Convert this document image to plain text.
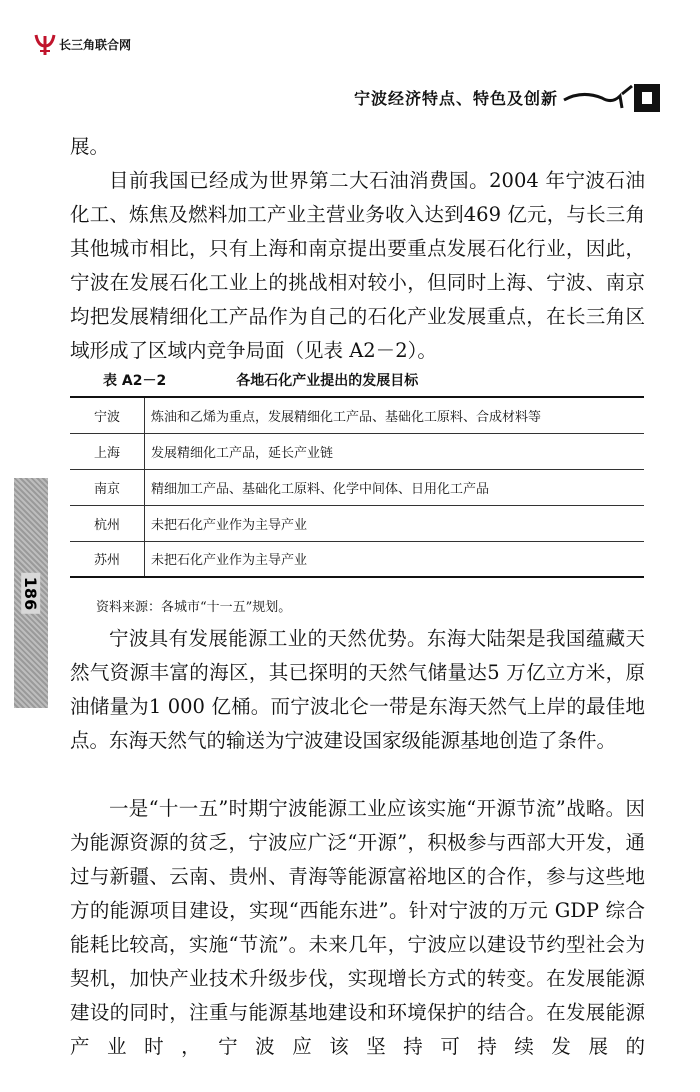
长三角联合网
宁波经济特点、特色及创新
展。
目前我国已经成为世界第二大石油消费国。2004 年宁波石油化工、炼焦及燃料加工产业主营业务收入达到469 亿元，与长三角其他城市相比，只有上海和南京提出要重点发展石化行业，因此，宁波在发展石化工业上的挑战相对较小，但同时上海、宁波、南京均把发展精细化工产品作为自己的石化产业发展重点，在长三角区域形成了区域内竞争局面（见表 A2－2）。
表 A2－2	各地石化产业提出的发展目标
宁波	炼油和乙烯为重点，发展精细化工产品、基础化工原料、合成材料等
上海	发展精细化工产品，延长产业链
南京	精细加工产品、基础化工原料、化学中间体、日用化工产品
杭州	未把石化产业作为主导产业
苏州	未把石化产业作为主导产业
资料来源：各城市“十一五”规划。
宁波具有发展能源工业的天然优势。东海大陆架是我国蕴藏天然气资源丰富的海区，其已探明的天然气储量达5 万亿立方米，原油储量为1 000 亿桶。而宁波北仑一带是东海天然气上岸的最佳地点。东海天然气的输送为宁波建设国家级能源基地创造了条件。
一是“十一五”时期宁波能源工业应该实施“开源节流”战略。因为能源资源的贫乏，宁波应广泛“开源”，积极参与西部大开发，通过与新疆、云南、贵州、青海等能源富裕地区的合作，参与这些地方的能源项目建设，实现“西能东进”。针对宁波的万元 GDP 综合能耗比较高，实施“节流”。未来几年，宁波应以建设节约型社会为契机，加快产业技术升级步伐，实现增长方式的转变。在发展能源建设的同时，注重与能源基地建设和环境保护的结合。在发展能源产业时，宁波应该坚持可持续发展的
186
